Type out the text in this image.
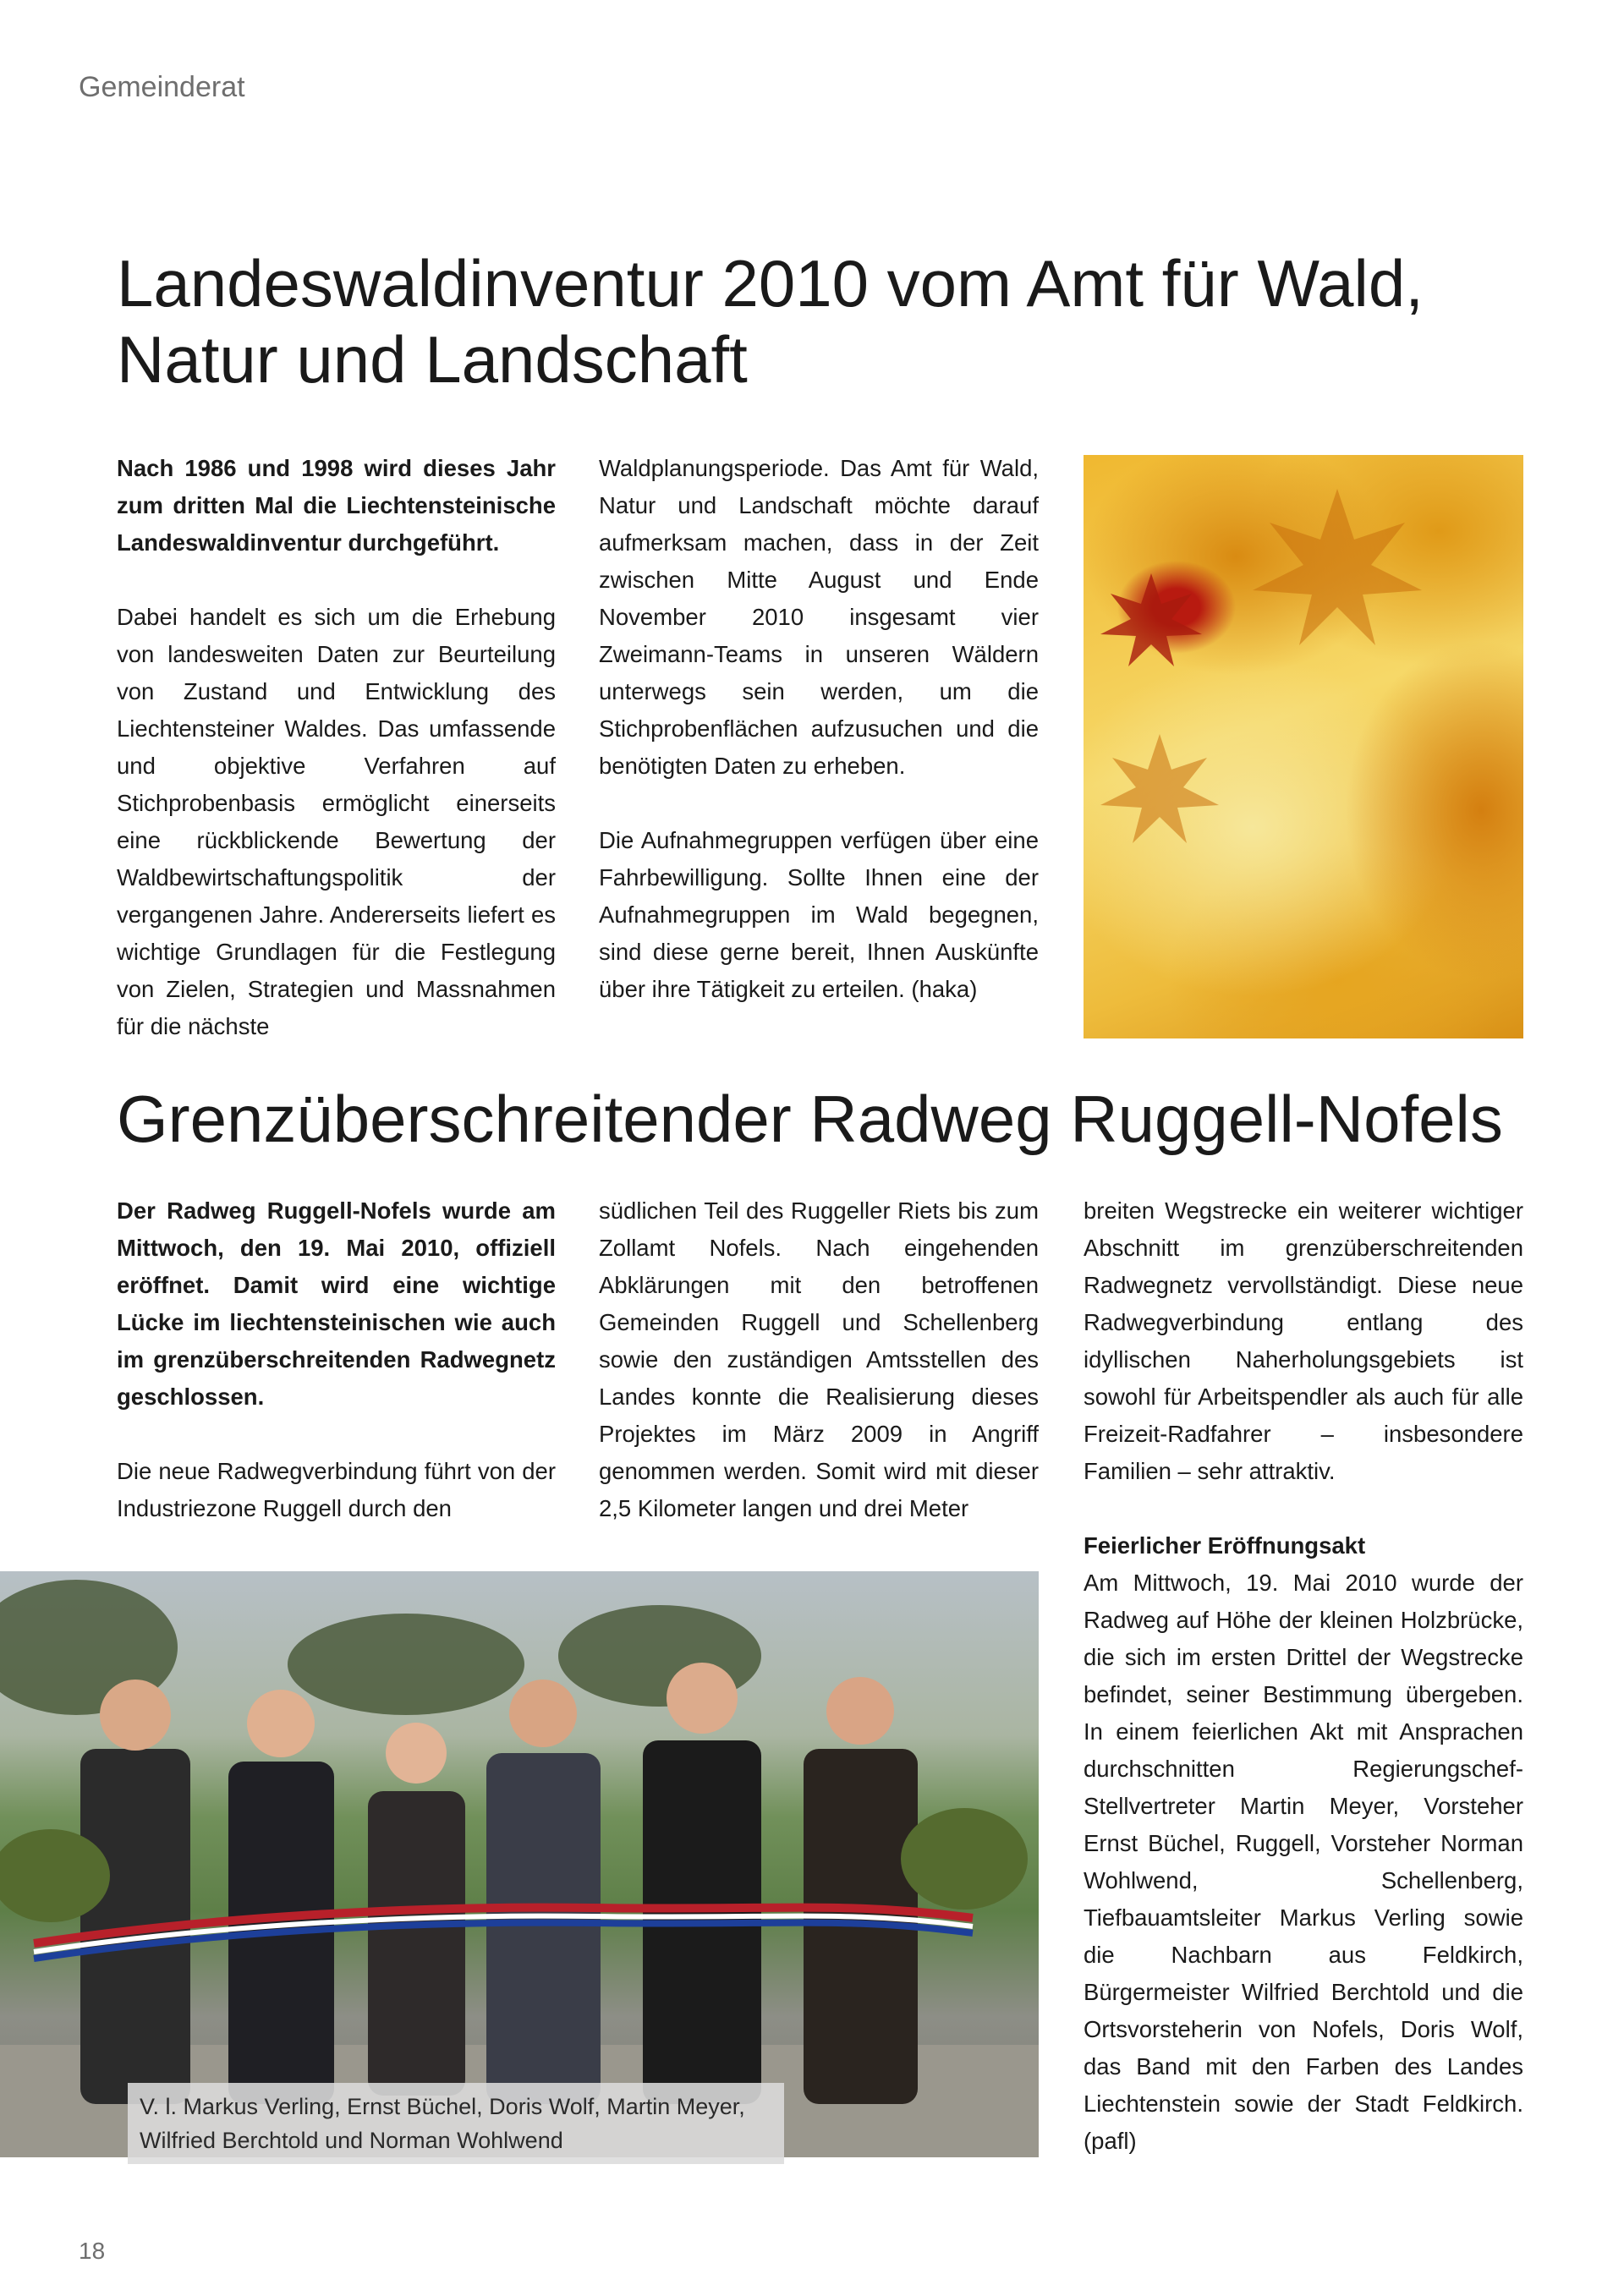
Gemeinderat
Landeswaldinventur 2010 vom Amt für Wald,
Natur und Landschaft

Nach 1986 und 1998 wird dieses Jahr zum dritten Mal die Liechtensteinische Landeswaldinventur durchgeführt.

Dabei handelt es sich um die Erhebung von landesweiten Daten zur Beurteilung von Zustand und Entwicklung des Liechtensteiner Waldes. Das umfassende und objektive Verfahren auf Stichprobenbasis ermöglicht einerseits eine rückblickende Bewertung der Waldbewirtschaftungspolitik der vergangenen Jahre. Andererseits liefert es wichtige Grundlagen für die Festlegung von Zielen, Strategien und Massnahmen für die nächste

Waldplanungsperiode. Das Amt für Wald, Natur und Landschaft möchte darauf aufmerksam machen, dass in der Zeit zwischen Mitte August und Ende November 2010 insgesamt vier Zweimann-Teams in unseren Wäldern unterwegs sein werden, um die Stichprobenflächen aufzusuchen und die benötigten Daten zu erheben.

Die Aufnahmegruppen verfügen über eine Fahrbewilligung. Sollte Ihnen eine der Aufnahmegruppen im Wald begegnen, sind diese gerne bereit, Ihnen Auskünfte über ihre Tätigkeit zu erteilen. (haka)

Grenzüberschreitender Radweg Ruggell-Nofels

Der Radweg Ruggell-Nofels wurde am Mittwoch, den 19. Mai 2010, offiziell eröffnet. Damit wird eine wichtige Lücke im liechtensteinischen wie auch im grenzüberschreitenden Radwegnetz geschlossen.

Die neue Radwegverbindung führt von der Industriezone Ruggell durch den

südlichen Teil des Ruggeller Riets bis zum Zollamt Nofels. Nach eingehenden Abklärungen mit den betroffenen Gemeinden Ruggell und Schellenberg sowie den zuständigen Amtsstellen des Landes konnte die Realisierung dieses Projektes im März 2009 in Angriff genommen werden. Somit wird mit dieser 2,5 Kilometer langen und drei Meter

breiten Wegstrecke ein weiterer wichtiger Abschnitt im grenzüberschreitenden Radwegnetz vervollständigt. Diese neue Radwegverbindung entlang des idyllischen Naherholungsgebiets ist sowohl für Arbeitspendler als auch für alle Freizeit-Radfahrer – insbesondere Familien – sehr attraktiv.

Feierlicher Eröffnungsakt

Am Mittwoch, 19. Mai 2010 wurde der Radweg auf Höhe der kleinen Holzbrücke, die sich im ersten Drittel der Wegstrecke befindet, seiner Bestimmung übergeben. In einem feierlichen Akt mit Ansprachen durchschnitten Regierungschef-Stellvertreter Martin Meyer, Vorsteher Ernst Büchel, Ruggell, Vorsteher Norman Wohlwend, Schellenberg, Tiefbauamtsleiter Markus Verling sowie die Nachbarn aus Feldkirch, Bürgermeister Wilfried Berchtold und die Ortsvorsteherin von Nofels, Doris Wolf, das Band mit den Farben des Landes Liechtenstein sowie der Stadt Feldkirch. (pafl)

V. l. Markus Verling, Ernst Büchel, Doris Wolf, Martin Meyer, Wilfried Berchtold und Norman Wohlwend
18
